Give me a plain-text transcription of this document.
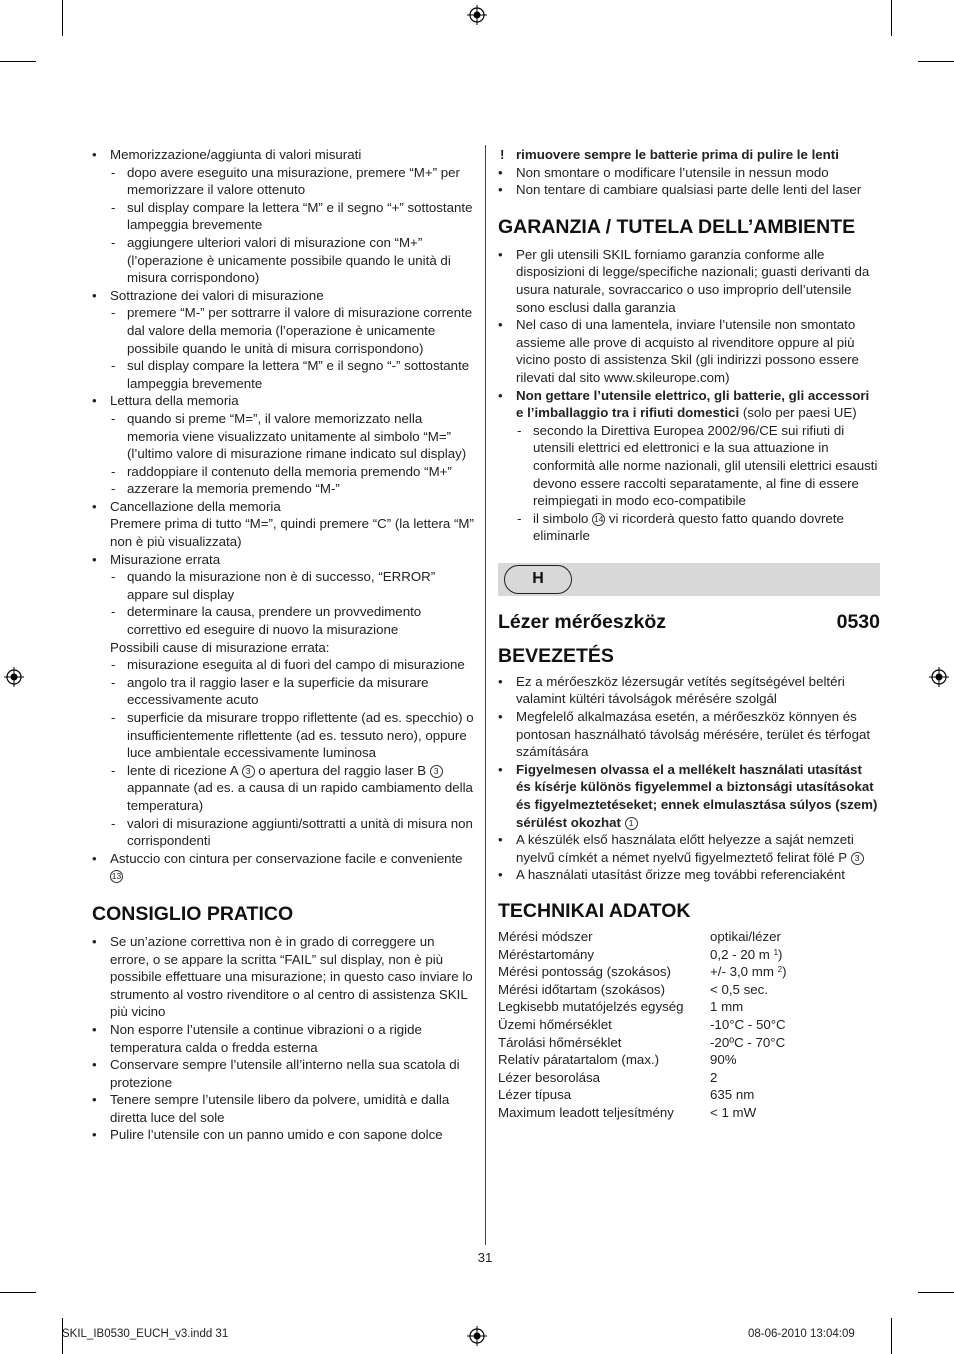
• Memorizzazione/aggiunta di valori misurati
- dopo avere eseguito una misurazione, premere “M+” per memorizzare il valore ottenuto
- sul display compare la lettera “M” e il segno “+” sottostante lampeggia brevemente
- aggiungere ulteriori valori di misurazione con “M+” (l’operazione è unicamente possibile quando le unità di misura corrispondono)
• Sottrazione dei valori di misurazione
- premere “M-” per sottrarre il valore di misurazione corrente dal valore della memoria (l’operazione è unicamente possibile quando le unità di misura corrispondono)
- sul display compare la lettera “M” e il segno “-” sottostante lampeggia brevemente
• Lettura della memoria
- quando si preme “M=”, il valore memorizzato nella memoria viene visualizzato unitamente al simbolo “M=” (l’ultimo valore di misurazione rimane indicato sul display)
- raddoppiare il contenuto della memoria premendo “M+”
- azzerare la memoria premendo “M-”
• Cancellazione della memoria
Premere prima di tutto “M=”, quindi premere “C” (la lettera “M” non è più visualizzata)
• Misurazione errata
- quando la misurazione non è di successo, “ERROR” appare sul display
- determinare la causa, prendere un provvedimento correttivo ed eseguire di nuovo la misurazione
Possibili cause di misurazione errata:
- misurazione eseguita al di fuori del campo di misurazione
- angolo tra il raggio laser e la superficie da misurare eccessivamente acuto
- superficie da misurare troppo riflettente (ad es. specchio) o insufficientemente riflettente (ad es. tessuto nero), oppure luce ambientale eccessivamente luminosa
- lente di ricezione A 3 o apertura del raggio laser B 3 appannate (ad es. a causa di un rapido cambiamento della temperatura)
- valori di misurazione aggiunti/sottratti a unità di misura non corrispondenti
• Astuccio con cintura per conservazione facile e conveniente 13
CONSIGLIO PRATICO
• Se un’azione correttiva non è in grado di correggere un errore, o se appare la scritta “FAIL” sul display, non è più possibile effettuare una misurazione; in questo caso inviare lo strumento al vostro rivenditore o al centro di assistenza SKIL più vicino
• Non esporre l’utensile a continue vibrazioni o a rigide temperatura calda o fredda esterna
• Conservare sempre l’utensile all’interno nella sua scatola di protezione
• Tenere sempre l’utensile libero da polvere, umidità e dalla diretta luce del sole
• Pulire l’utensile con un panno umido e con sapone dolce
! rimuovere sempre le batterie prima di pulire le lenti
• Non smontare o modificare l’utensile in nessun modo
• Non tentare di cambiare qualsiasi parte delle lenti del laser
GARANZIA / TUTELA DELL’AMBIENTE
• Per gli utensili SKIL forniamo garanzia conforme alle disposizioni di legge/specifiche nazionali; guasti derivanti da usura naturale, sovraccarico o uso improprio dell’utensile sono esclusi dalla garanzia
• Nel caso di una lamentela, inviare l’utensile non smontato assieme alle prove di acquisto al rivenditore oppure al più vicino posto di assistenza Skil (gli indirizzi possono essere rilevati dal sito www.skileurope.com)
• Non gettare l’utensile elettrico, gli batterie, gli accessori e l’imballaggio tra i rifiuti domestici (solo per paesi UE)
- secondo la Direttiva Europea 2002/96/CE sui rifiuti di utensili elettrici ed elettronici e la sua attuazione in conformità alle norme nazionali, glil utensili elettrici esausti devono essere raccolti separatamente, al fine di essere reimpiegati in modo eco-compatibile
- il simbolo 14 vi ricorderà questo fatto quando dovrete eliminarle
H
Lézer mérőeszköz	0530
BEVEZETÉS
• Ez a mérőeszköz lézersugár vetítés segítségével beltéri valamint kültéri távolságok mérésére szolgál
• Megfelelő alkalmazása esetén, a mérőeszköz könnyen és pontosan használható távolság mérésére, terület és térfogat számítására
• Figyelmesen olvassa el a mellékelt használati utasítást és kísérje különös figyelemmel a biztonsági utasításokat és figyelmeztetéseket; ennek elmulasztása súlyos (szem) sérülést okozhat 1
• A készülék első használata előtt helyezze a saját nemzeti nyelvű címkét a német nyelvű figyelmeztető felirat fölé P 3
• A használati utasítást őrizze meg további referenciaként
TECHNIKAI ADATOK
Mérési módszer	optikai/lézer
Méréstartomány	0,2 - 20 m $^1$)
Mérési pontosság (szokásos)	+/- 3,0 mm $^2$)
Mérési időtartam (szokásos)	< 0,5 sec.
Legkisebb mutatójelzés egység	1 mm
Üzemi hőmérséklet	-10°C - 50°C
Tárolási hőmérséklet	-20ºC - 70°C
Relatív páratartalom (max.)	90%
Lézer besorolása	2
Lézer típusa	635 nm
Maximum leadott teljesítmény	< 1 mW
31
SKIL_IB0530_EUCH_v3.indd 31	08-06-2010 13:04:09
